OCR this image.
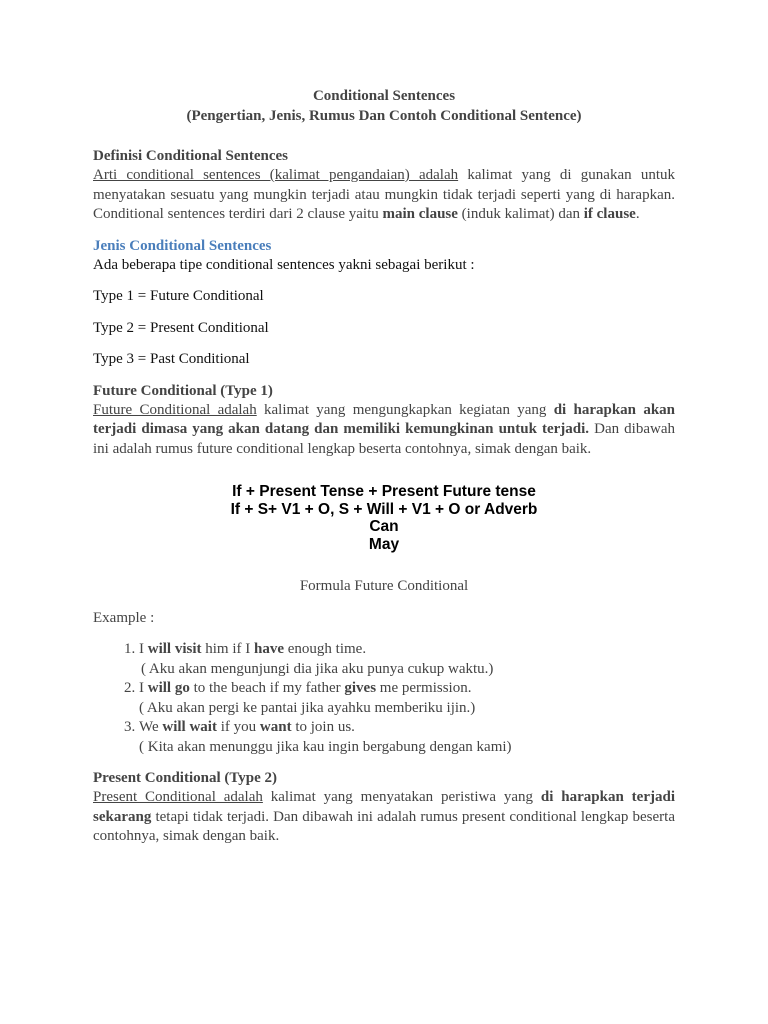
Conditional Sentences
(Pengertian, Jenis, Rumus Dan Contoh Conditional Sentence)
Definisi Conditional Sentences

Arti conditional sentences (kalimat pengandaian) adalah kalimat yang di gunakan untuk menyatakan sesuatu yang mungkin terjadi atau mungkin tidak terjadi seperti yang di harapkan. Conditional sentences terdiri dari 2 clause yaitu main clause (induk kalimat) dan if clause.

Jenis Conditional Sentences

Ada beberapa tipe conditional sentences yakni sebagai berikut :

Type 1 = Future Conditional

Type 2 = Present Conditional

Type 3 = Past Conditional

Future Conditional (Type 1)

Future Conditional adalah kalimat yang mengungkapkan kegiatan yang di harapkan akan terjadi dimasa yang akan datang dan memiliki kemungkinan untuk terjadi. Dan dibawah ini adalah rumus future conditional lengkap beserta contohnya, simak dengan baik.

If + Present Tense + Present Future tense
If + S+ V1 + O, S + Will + V1 + O or Adverb
Can
May

Formula Future Conditional

Example :

1. I will visit him if I have enough time.
( Aku akan mengunjungi dia jika aku punya cukup waktu.)
2. I will go to the beach if my father gives me permission.
( Aku akan pergi ke pantai jika ayahku memberiku ijin.)
3. We will wait if you want to join us.
( Kita akan menunggu jika kau ingin bergabung dengan kami)
Present Conditional (Type 2)

Present Conditional adalah kalimat yang menyatakan peristiwa yang di harapkan terjadi sekarang tetapi tidak terjadi. Dan dibawah ini adalah rumus present conditional lengkap beserta contohnya, simak dengan baik.
